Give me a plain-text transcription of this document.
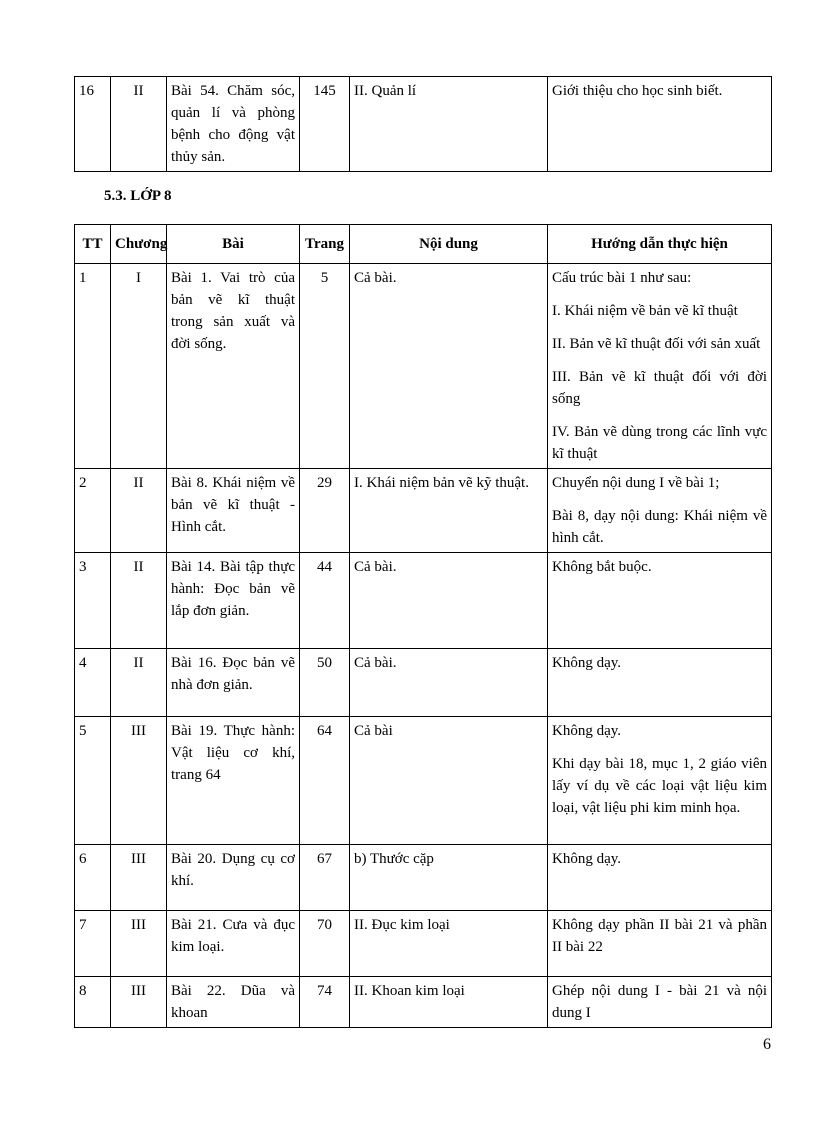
16	II	Bài 54. Chăm sóc, quản lí và phòng bệnh cho động vật thủy sản.	145	II. Quản lí	Giới thiệu cho học sinh biết.
5.3. LỚP 8
TT	Chương	Bài	Trang	Nội dung	Hướng dẫn thực hiện
1	I	Bài 1. Vai trò của bản vẽ kĩ thuật trong sản xuất và đời sống.	5	Cả bài.	Cấu trúc bài 1 như sau:

I. Khái niệm về bản vẽ kĩ thuật

II. Bản vẽ kĩ thuật đối với sản xuất

III. Bản vẽ kĩ thuật đối với đời sống

IV. Bản vẽ dùng trong các lĩnh vực kĩ thuật

2	II	Bài 8. Khái niệm về bản vẽ kĩ thuật - Hình cắt.	29	I. Khái niệm bản vẽ kỹ thuật.	Chuyển nội dung I về bài 1;

Bài 8, dạy nội dung: Khái niệm về hình cắt.

3	II	Bài 14. Bài tập thực hành: Đọc bản vẽ lắp đơn giản.	44	Cả bài.	Không bắt buộc.

4	II	Bài 16. Đọc bản vẽ nhà đơn giản.	50	Cả bài.	Không dạy.

5	III	Bài 19. Thực hành: Vật liệu cơ khí, trang 64	64	Cả bài	Không dạy.

Khi dạy bài 18, mục 1, 2 giáo viên lấy ví dụ về các loại vật liệu kim loại, vật liệu phi kim minh họa.

6	III	Bài 20. Dụng cụ cơ khí.	67	b) Thước cặp	Không dạy.

7	III	Bài 21. Cưa và đục kim loại.	70	II. Đục kim loại	Không dạy phần II bài 21 và phần II bài 22

8	III	Bài 22. Dũa và khoan	74	II. Khoan kim loại	Ghép nội dung I - bài 21 và nội dung I

6
